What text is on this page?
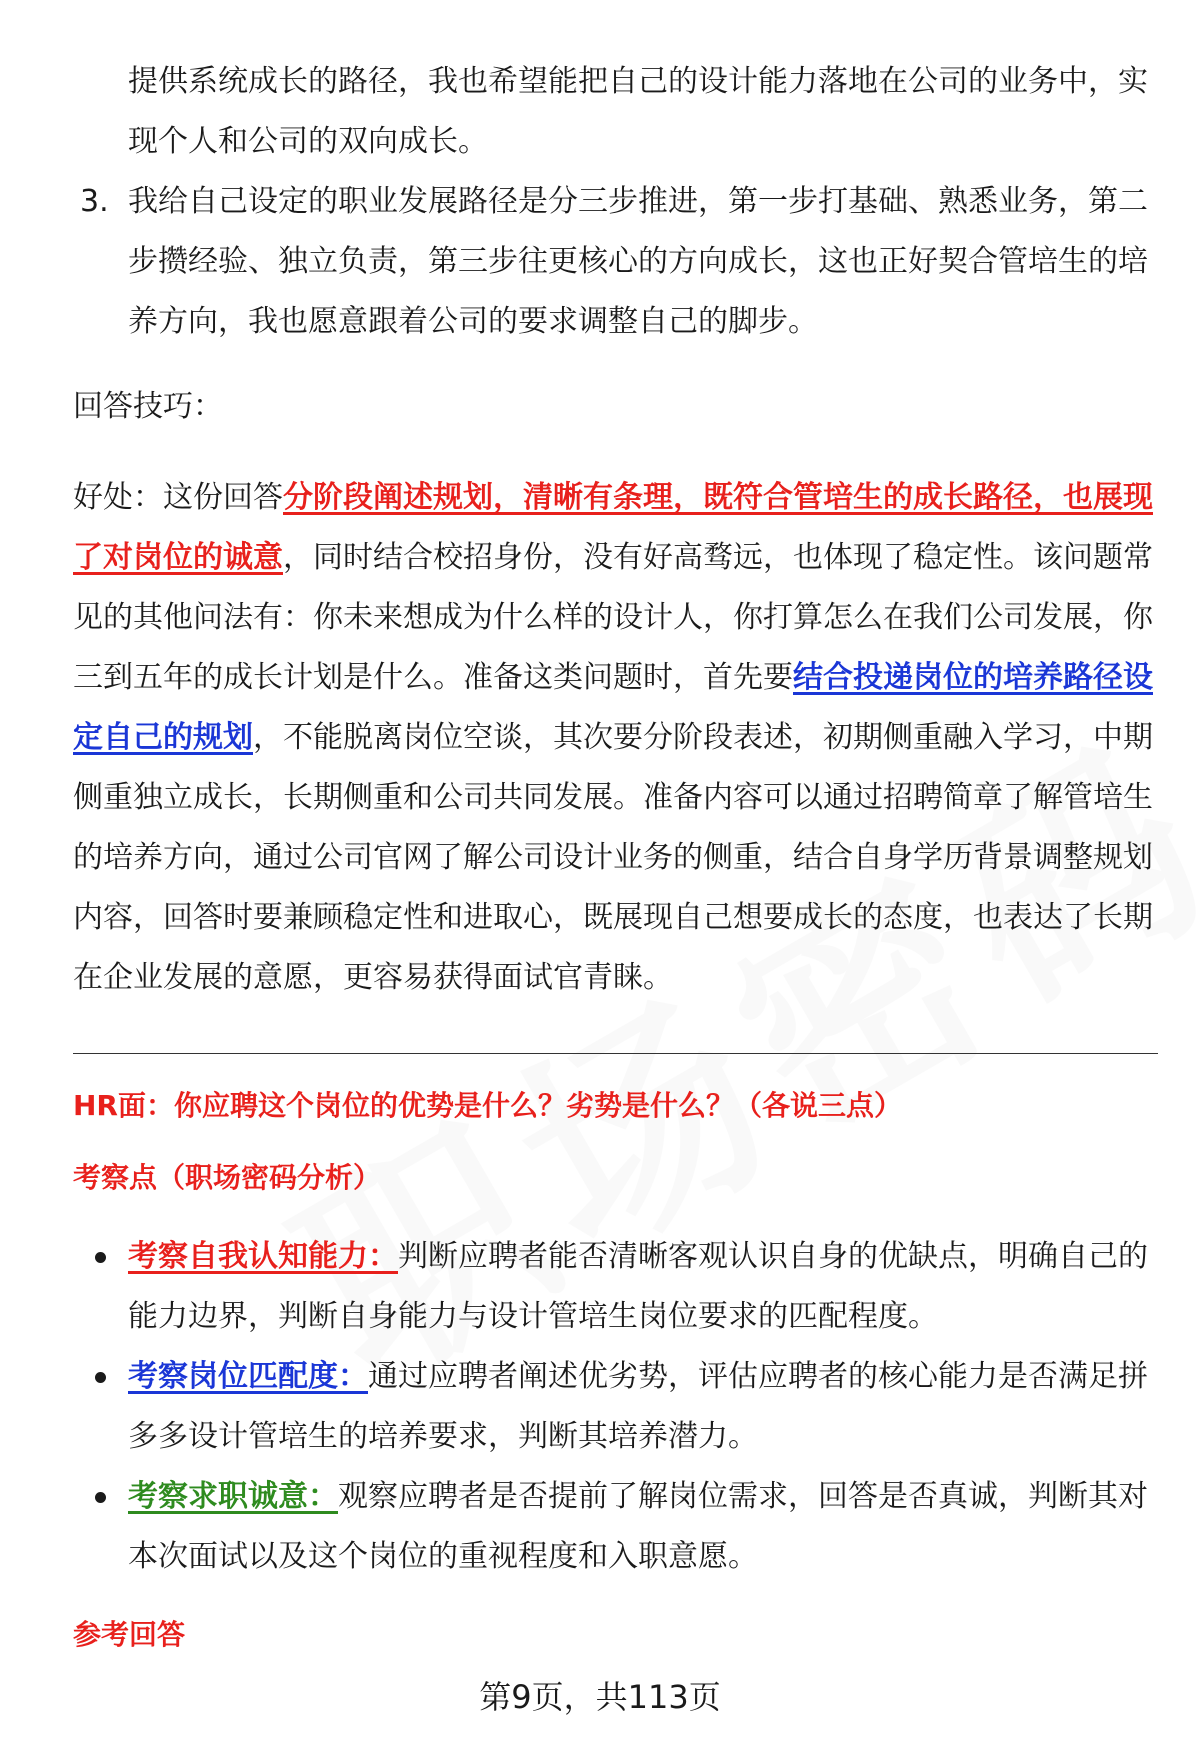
提供系统成长的路径，我也希望能把自己的设计能力落地在公司的业务中，实现个人和公司的双向成长。

3. 我给自己设定的职业发展路径是分三步推进，第一步打基础、熟悉业务，第二步攒经验、独立负责，第三步往更核心的方向成长，这也正好契合管培生的培养方向，我也愿意跟着公司的要求调整自己的脚步。

回答技巧：

好处：这份回答分阶段阐述规划，清晰有条理，既符合管培生的成长路径，也展现了对岗位的诚意，同时结合校招身份，没有好高骛远，也体现了稳定性。该问题常见的其他问法有：你未来想成为什么样的设计人，你打算怎么在我们公司发展，你三到五年的成长计划是什么。准备这类问题时，首先要结合投递岗位的培养路径设定自己的规划，不能脱离岗位空谈，其次要分阶段表述，初期侧重融入学习，中期侧重独立成长，长期侧重和公司共同发展。准备内容可以通过招聘简章了解管培生的培养方向，通过公司官网了解公司设计业务的侧重，结合自身学历背景调整规划内容，回答时要兼顾稳定性和进取心，既展现自己想要成长的态度，也表达了长期在企业发展的意愿，更容易获得面试官青睐。

HR面：你应聘这个岗位的优势是什么？劣势是什么？（各说三点）
考察点（职场密码分析）
考察自我认知能力：判断应聘者能否清晰客观认识自身的优缺点，明确自己的能力边界，判断自身能力与设计管培生岗位要求的匹配程度。
考察岗位匹配度：通过应聘者阐述优劣势，评估应聘者的核心能力是否满足拼多多设计管培生的培养要求，判断其培养潜力。
考察求职诚意：观察应聘者是否提前了解岗位需求，回答是否真诚，判断其对本次面试以及这个岗位的重视程度和入职意愿。
参考回答
第9页，共113页
